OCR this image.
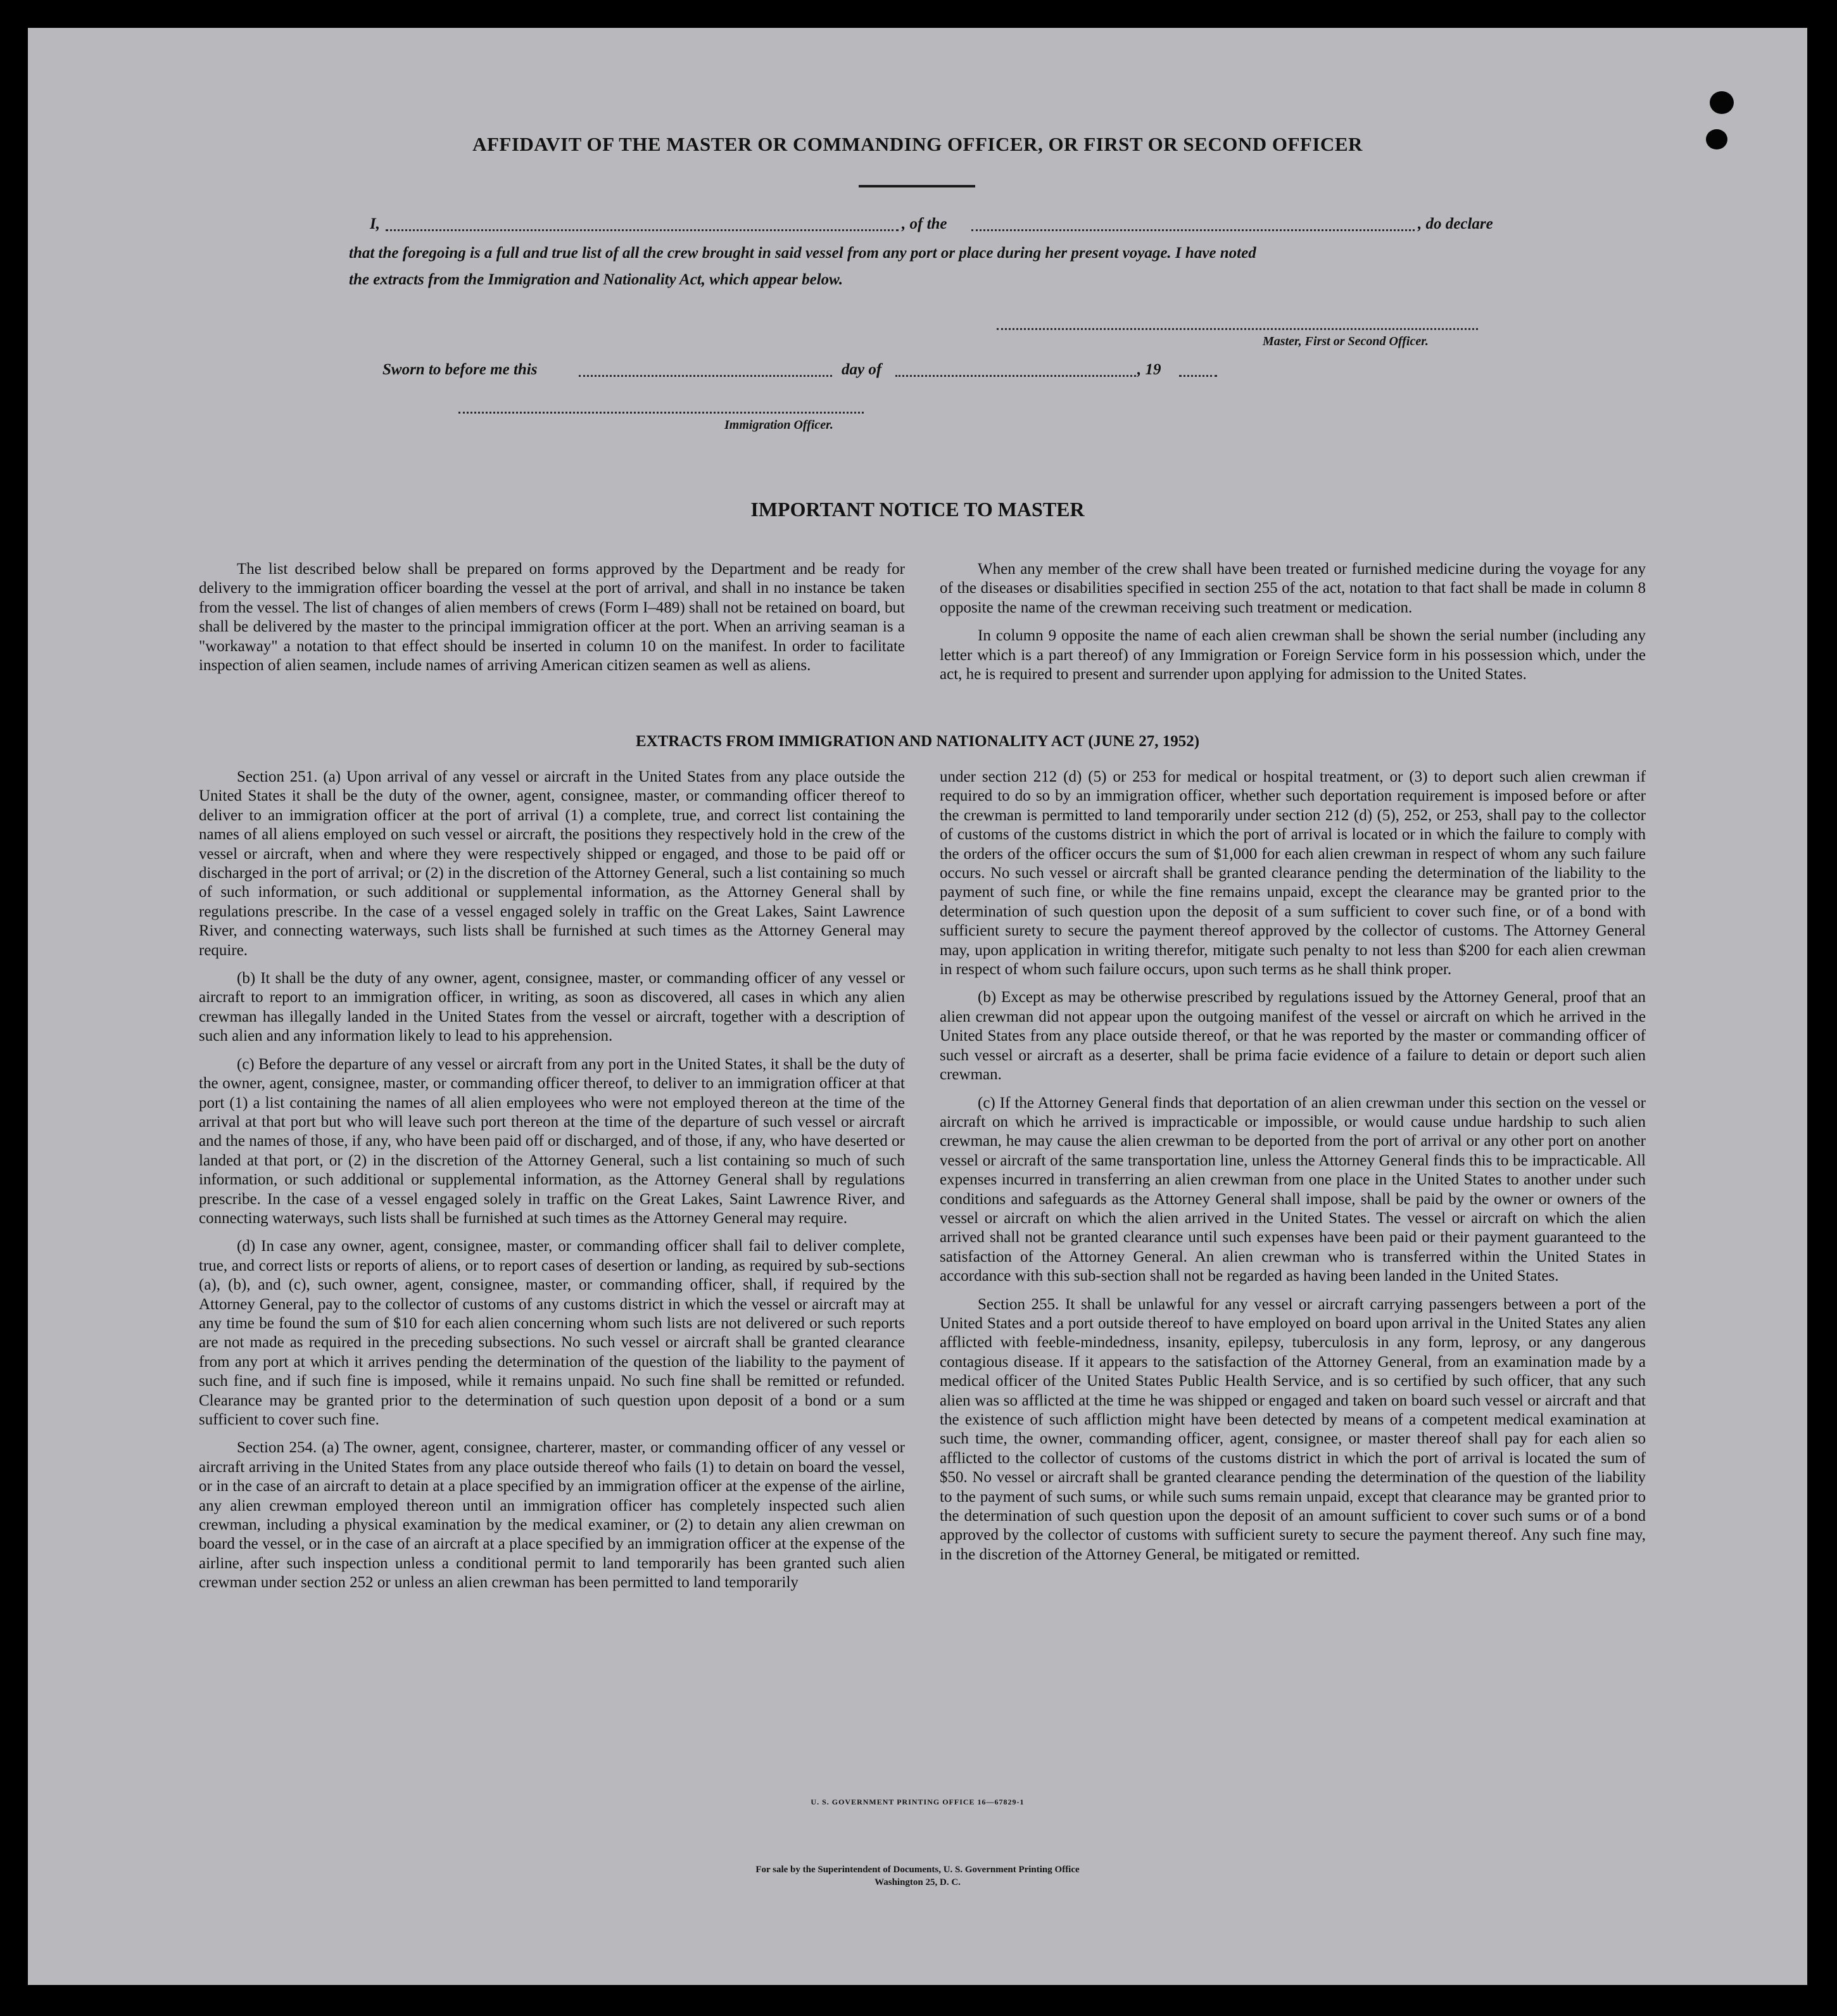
AFFIDAVIT OF THE MASTER OR COMMANDING OFFICER, OR FIRST OR SECOND OFFICER
I,	, of the	, do declare
that the foregoing is a full and true list of all the crew brought in said vessel from any port or place during her present voyage. I have noted
the extracts from the Immigration and Nationality Act, which appear below.
Master, First or Second Officer.
Sworn to before me this	day of	, 19
Immigration Officer.
IMPORTANT NOTICE TO MASTER

The list described below shall be prepared on forms approved by the Department and be ready for delivery to the immigration officer boarding the vessel at the port of arrival, and shall in no instance be taken from the vessel. The list of changes of alien members of crews (Form I–489) shall not be retained on board, but shall be delivered by the master to the principal immigration officer at the port. When an arriving seaman is a "workaway" a notation to that effect should be inserted in column 10 on the manifest. In order to facilitate inspection of alien seamen, include names of arriving American citizen seamen as well as aliens.

When any member of the crew shall have been treated or furnished medicine during the voyage for any of the diseases or disabilities specified in section 255 of the act, notation to that fact shall be made in column 8 opposite the name of the crewman receiving such treatment or medication.

In column 9 opposite the name of each alien crewman shall be shown the serial number (including any letter which is a part thereof) of any Immigration or Foreign Service form in his possession which, under the act, he is required to present and surrender upon applying for admission to the United States.

EXTRACTS FROM IMMIGRATION AND NATIONALITY ACT (JUNE 27, 1952)

Section 251. (a) Upon arrival of any vessel or aircraft in the United States from any place outside the United States it shall be the duty of the owner, agent, consignee, master, or commanding officer thereof to deliver to an immigration officer at the port of arrival (1) a complete, true, and correct list containing the names of all aliens employed on such vessel or aircraft, the positions they respectively hold in the crew of the vessel or aircraft, when and where they were respectively shipped or engaged, and those to be paid off or discharged in the port of arrival; or (2) in the discretion of the Attorney General, such a list containing so much of such information, or such additional or supplemental information, as the Attorney General shall by regulations prescribe. In the case of a vessel engaged solely in traffic on the Great Lakes, Saint Lawrence River, and connecting waterways, such lists shall be furnished at such times as the Attorney General may require.

(b) It shall be the duty of any owner, agent, consignee, master, or commanding officer of any vessel or aircraft to report to an immigration officer, in writing, as soon as discovered, all cases in which any alien crewman has illegally landed in the United States from the vessel or aircraft, together with a description of such alien and any information likely to lead to his apprehension.

(c) Before the departure of any vessel or aircraft from any port in the United States, it shall be the duty of the owner, agent, consignee, master, or commanding officer thereof, to deliver to an immigration officer at that port (1) a list containing the names of all alien employees who were not employed thereon at the time of the arrival at that port but who will leave such port thereon at the time of the departure of such vessel or aircraft and the names of those, if any, who have been paid off or discharged, and of those, if any, who have deserted or landed at that port, or (2) in the discretion of the Attorney General, such a list containing so much of such information, or such additional or supplemental information, as the Attorney General shall by regulations prescribe. In the case of a vessel engaged solely in traffic on the Great Lakes, Saint Lawrence River, and connecting waterways, such lists shall be furnished at such times as the Attorney General may require.

(d) In case any owner, agent, consignee, master, or commanding officer shall fail to deliver complete, true, and correct lists or reports of aliens, or to report cases of desertion or landing, as required by sub-sections (a), (b), and (c), such owner, agent, consignee, master, or commanding officer, shall, if required by the Attorney General, pay to the collector of customs of any customs district in which the vessel or aircraft may at any time be found the sum of $10 for each alien concerning whom such lists are not delivered or such reports are not made as required in the preceding subsections. No such vessel or aircraft shall be granted clearance from any port at which it arrives pending the determination of the question of the liability to the payment of such fine, and if such fine is imposed, while it remains unpaid. No such fine shall be remitted or refunded. Clearance may be granted prior to the determination of such question upon deposit of a bond or a sum sufficient to cover such fine.

Section 254. (a) The owner, agent, consignee, charterer, master, or commanding officer of any vessel or aircraft arriving in the United States from any place outside thereof who fails (1) to detain on board the vessel, or in the case of an aircraft to detain at a place specified by an immigration officer at the expense of the airline, any alien crewman employed thereon until an immigration officer has completely inspected such alien crewman, including a physical examination by the medical examiner, or (2) to detain any alien crewman on board the vessel, or in the case of an aircraft at a place specified by an immigration officer at the expense of the airline, after such inspection unless a conditional permit to land temporarily has been granted such alien crewman under section 252 or unless an alien crewman has been permitted to land temporarily

under section 212 (d) (5) or 253 for medical or hospital treatment, or (3) to deport such alien crewman if required to do so by an immigration officer, whether such deportation requirement is imposed before or after the crewman is permitted to land temporarily under section 212 (d) (5), 252, or 253, shall pay to the collector of customs of the customs district in which the port of arrival is located or in which the failure to comply with the orders of the officer occurs the sum of $1,000 for each alien crewman in respect of whom any such failure occurs. No such vessel or aircraft shall be granted clearance pending the determination of the liability to the payment of such fine, or while the fine remains unpaid, except the clearance may be granted prior to the determination of such question upon the deposit of a sum sufficient to cover such fine, or of a bond with sufficient surety to secure the payment thereof approved by the collector of customs. The Attorney General may, upon application in writing therefor, mitigate such penalty to not less than $200 for each alien crewman in respect of whom such failure occurs, upon such terms as he shall think proper.

(b) Except as may be otherwise prescribed by regulations issued by the Attorney General, proof that an alien crewman did not appear upon the outgoing manifest of the vessel or aircraft on which he arrived in the United States from any place outside thereof, or that he was reported by the master or commanding officer of such vessel or aircraft as a deserter, shall be prima facie evidence of a failure to detain or deport such alien crewman.

(c) If the Attorney General finds that deportation of an alien crewman under this section on the vessel or aircraft on which he arrived is impracticable or impossible, or would cause undue hardship to such alien crewman, he may cause the alien crewman to be deported from the port of arrival or any other port on another vessel or aircraft of the same transportation line, unless the Attorney General finds this to be impracticable. All expenses incurred in transferring an alien crewman from one place in the United States to another under such conditions and safeguards as the Attorney General shall impose, shall be paid by the owner or owners of the vessel or aircraft on which the alien arrived in the United States. The vessel or aircraft on which the alien arrived shall not be granted clearance until such expenses have been paid or their payment guaranteed to the satisfaction of the Attorney General. An alien crewman who is transferred within the United States in accordance with this sub-section shall not be regarded as having been landed in the United States.

Section 255. It shall be unlawful for any vessel or aircraft carrying passengers between a port of the United States and a port outside thereof to have employed on board upon arrival in the United States any alien afflicted with feeble-mindedness, insanity, epilepsy, tuberculosis in any form, leprosy, or any dangerous contagious disease. If it appears to the satisfaction of the Attorney General, from an examination made by a medical officer of the United States Public Health Service, and is so certified by such officer, that any such alien was so afflicted at the time he was shipped or engaged and taken on board such vessel or aircraft and that the existence of such affliction might have been detected by means of a competent medical examination at such time, the owner, commanding officer, agent, consignee, or master thereof shall pay for each alien so afflicted to the collector of customs of the customs district in which the port of arrival is located the sum of $50. No vessel or aircraft shall be granted clearance pending the determination of the question of the liability to the payment of such sums, or while such sums remain unpaid, except that clearance may be granted prior to the determination of such question upon the deposit of an amount sufficient to cover such sums or of a bond approved by the collector of customs with sufficient surety to secure the payment thereof. Any such fine may, in the discretion of the Attorney General, be mitigated or remitted.

U. S. GOVERNMENT PRINTING OFFICE 16—67829-1
For sale by the Superintendent of Documents, U. S. Government Printing Office
Washington 25, D. C.
